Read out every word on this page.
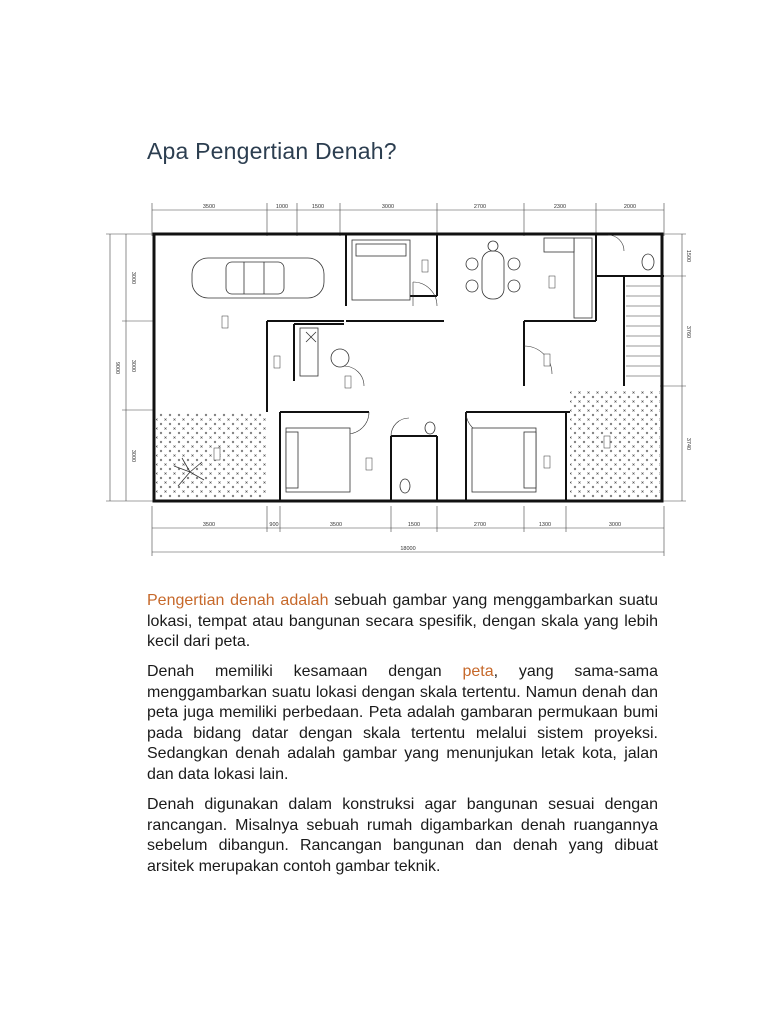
Apa Pengertian Denah?
3500	1000	1500	3000	2700	2300	2000
3500	900	3500	1500	2700	1300	3000
18000
3000
3000
3000
9000
1500
3760
3740

Pengertian denah adalah sebuah gambar yang menggambarkan suatu lokasi, tempat atau bangunan secara spesifik, dengan skala yang lebih kecil dari peta.

Denah memiliki kesamaan dengan peta, yang sama-sama menggambarkan suatu lokasi dengan skala tertentu. Namun denah dan peta juga memiliki perbedaan. Peta adalah gambaran permukaan bumi pada bidang datar dengan skala tertentu melalui sistem proyeksi. Sedangkan denah adalah gambar yang menunjukan letak kota, jalan dan data lokasi lain.

Denah digunakan dalam konstruksi agar bangunan sesuai dengan rancangan. Misalnya sebuah rumah digambarkan denah ruangannya sebelum dibangun. Rancangan bangunan dan denah yang dibuat arsitek merupakan contoh gambar teknik.
